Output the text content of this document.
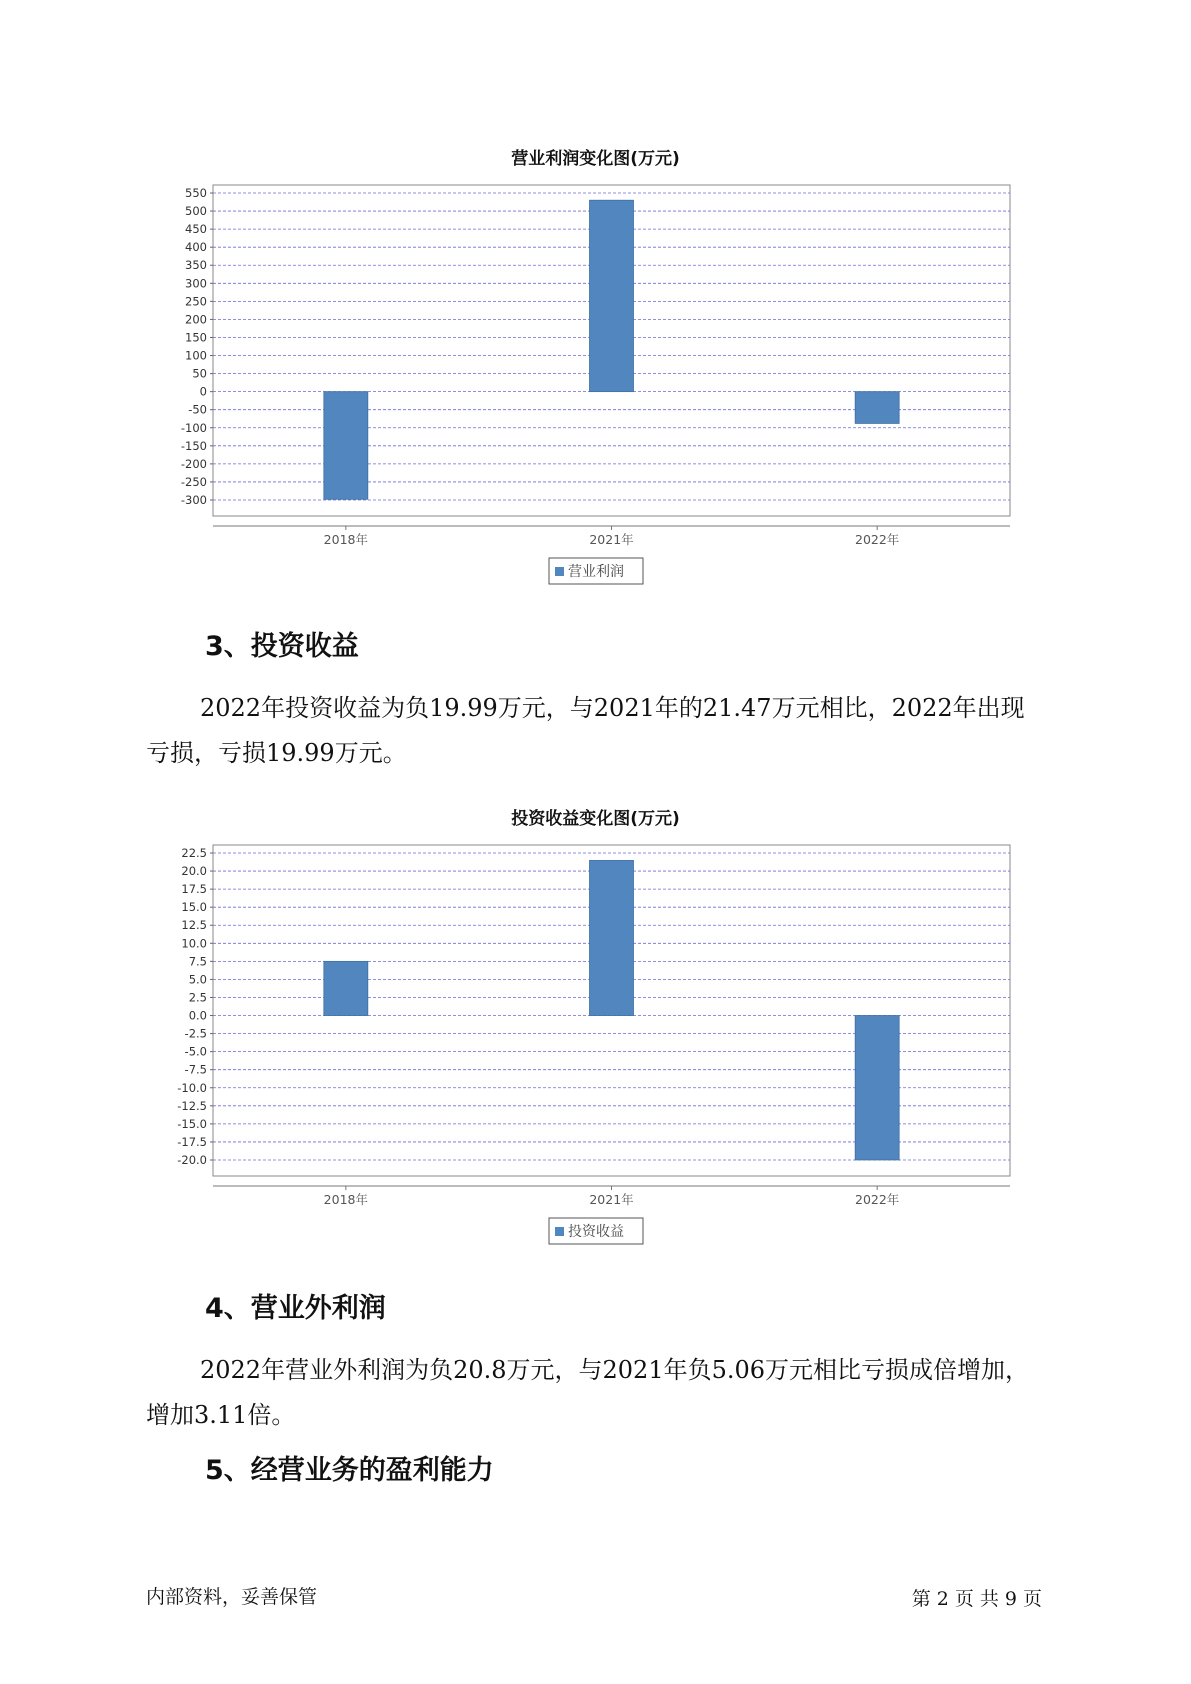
营业利润变化图(万元)
550
500
450
400
350
300
250
200
150
100
50
0
-50
-100
-150
-200
-250
-300
2018年	2021年	2022年
营业利润
3、投资收益

2022年投资收益为负19.99万元，与2021年的21.47万元相比，2022年出现亏损，亏损19.99万元。

投资收益变化图(万元)
22.5
20.0
17.5
15.0
12.5
10.0
7.5
5.0
2.5
0.0
-2.5
-5.0
-7.5
-10.0
-12.5
-15.0
-17.5
-20.0
2018年	2021年	2022年
投资收益
4、营业外利润

2022年营业外利润为负20.8万元，与2021年负5.06万元相比亏损成倍增加，增加3.11倍。

5、经营业务的盈利能力
内部资料，妥善保管	第 2 页 共 9 页
